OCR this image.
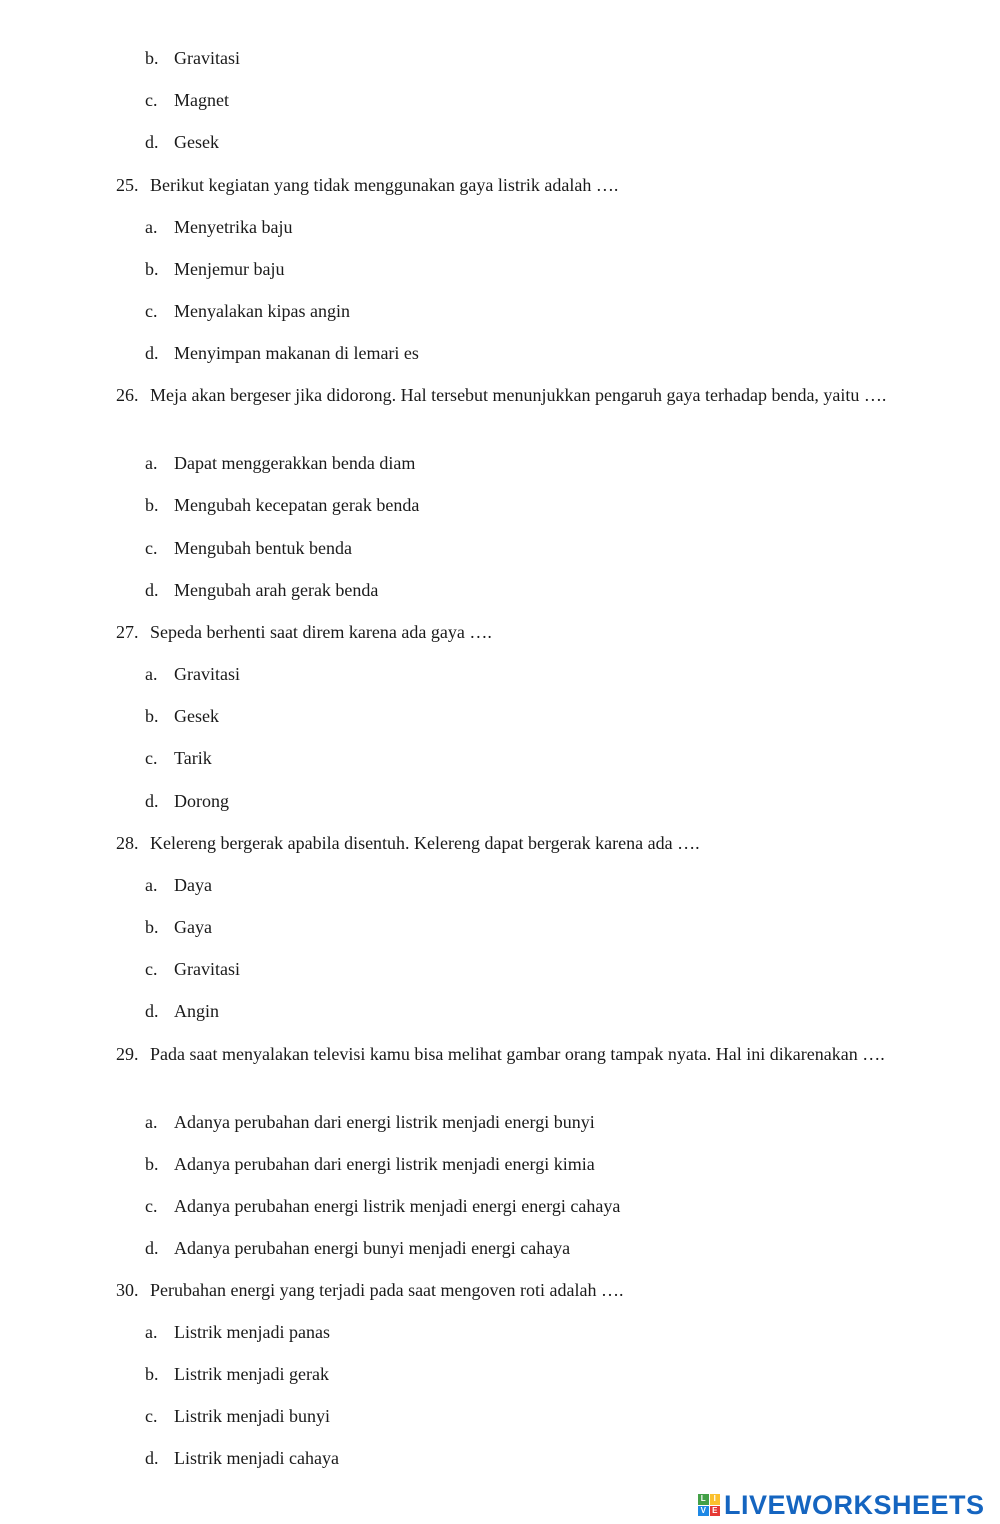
b. Gravitasi
c. Magnet
d. Gesek
25. Berikut kegiatan yang tidak menggunakan gaya listrik adalah ….
a. Menyetrika baju
b. Menjemur baju
c. Menyalakan kipas angin
d. Menyimpan makanan di lemari es
26. Meja akan bergeser jika didorong. Hal tersebut menunjukkan pengaruh gaya terhadap benda, yaitu ….
a. Dapat menggerakkan benda diam
b. Mengubah kecepatan gerak benda
c. Mengubah bentuk benda
d. Mengubah arah gerak benda
27. Sepeda berhenti saat direm karena ada gaya ….
a. Gravitasi
b. Gesek
c. Tarik
d. Dorong
28. Kelereng bergerak apabila disentuh. Kelereng dapat bergerak karena ada ….
a. Daya
b. Gaya
c. Gravitasi
d. Angin
29. Pada saat menyalakan televisi kamu bisa melihat gambar orang tampak nyata. Hal ini dikarenakan ….
a. Adanya perubahan dari energi listrik menjadi energi bunyi
b. Adanya perubahan dari energi listrik menjadi energi kimia
c. Adanya perubahan energi listrik menjadi energi energi cahaya
d. Adanya perubahan energi bunyi menjadi energi cahaya
30. Perubahan energi yang terjadi pada saat mengoven roti adalah ….
a. Listrik menjadi panas
b. Listrik menjadi gerak
c. Listrik menjadi bunyi
d. Listrik menjadi cahaya
L I
V E LIVEWORKSHEETS
